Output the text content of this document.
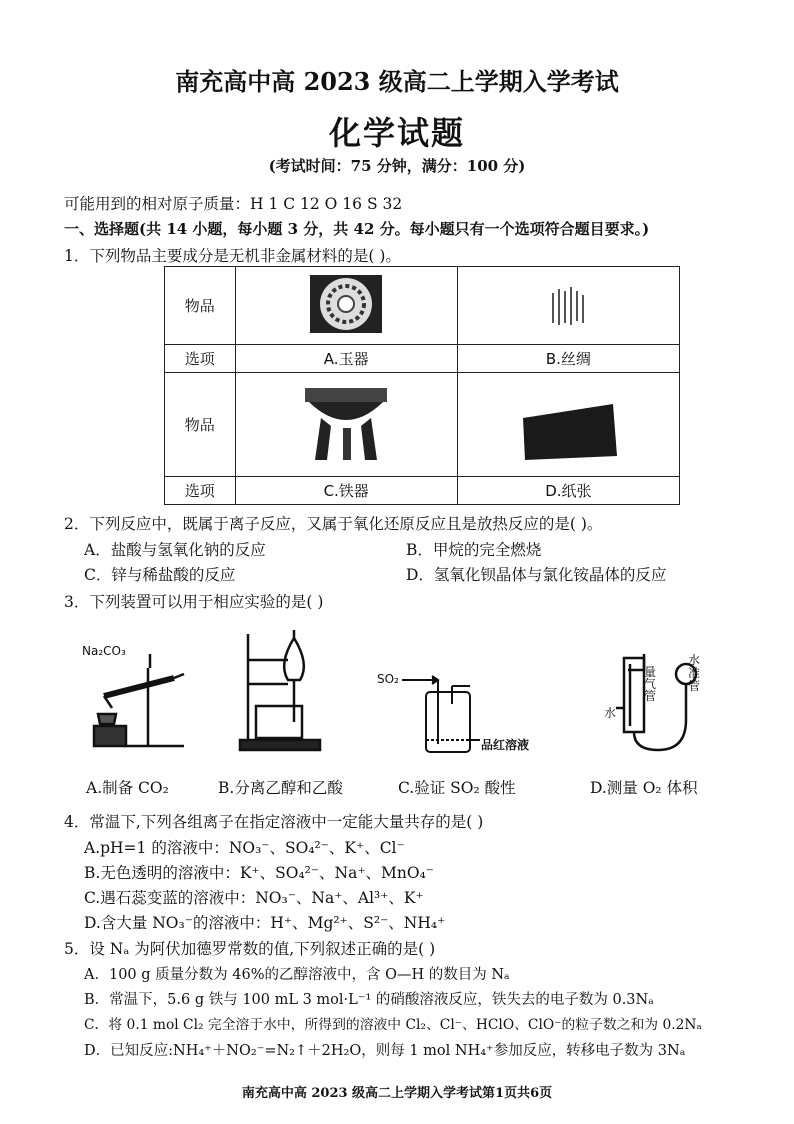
南充高中高 2023 级高二上学期入学考试
化学试题
(考试时间：75 分钟，满分：100 分)
可能用到的相对原子质量：H 1 C 12 O 16 S 32
一、选择题(共 14 小题，每小题 3 分，共 42 分。每小题只有一个选项符合题目要求。)
1．下列物品主要成分是无机非金属材料的是( )。
物品		
选项	A.玉器	B.丝绸
物品		
选项	C.铁器	D.纸张
2．下列反应中，既属于离子反应，又属于氧化还原反应且是放热反应的是( )。
A．盐酸与氢氧化钠的反应	B．甲烷的完全燃烧
C．锌与稀盐酸的反应	D．氢氧化钡晶体与氯化铵晶体的反应
3．下列装置可以用于相应实验的是( )
Na₂CO₃
SO₂
品红溶液
水
量气管
水准管
A.制备 CO₂	B.分离乙醇和乙酸	C.验证 SO₂ 酸性	D.测量 O₂ 体积
4．常温下,下列各组离子在指定溶液中一定能大量共存的是( )
A.pH=1 的溶液中：NO₃⁻、SO₄²⁻、K⁺、Cl⁻
B.无色透明的溶液中：K⁺、SO₄²⁻、Na⁺、MnO₄⁻
C.遇石蕊变蓝的溶液中：NO₃⁻、Na⁺、Al³⁺、K⁺
D.含大量 NO₃⁻的溶液中：H⁺、Mg²⁺、S²⁻、NH₄⁺
5．设 Nₐ 为阿伏加德罗常数的值,下列叙述正确的是( )
A．100 g 质量分数为 46%的乙醇溶液中，含 O—H 的数目为 Nₐ
B．常温下，5.6 g 铁与 100 mL 3 mol·L⁻¹ 的硝酸溶液反应，铁失去的电子数为 0.3Nₐ
C．将 0.1 mol Cl₂ 完全溶于水中，所得到的溶液中 Cl₂、Cl⁻、HClO、ClO⁻的粒子数之和为 0.2Nₐ
D．已知反应:NH₄⁺＋NO₂⁻=N₂↑＋2H₂O，则每 1 mol NH₄⁺参加反应，转移电子数为 3Nₐ
南充高中高 2023 级高二上学期入学考试第1页共6页
